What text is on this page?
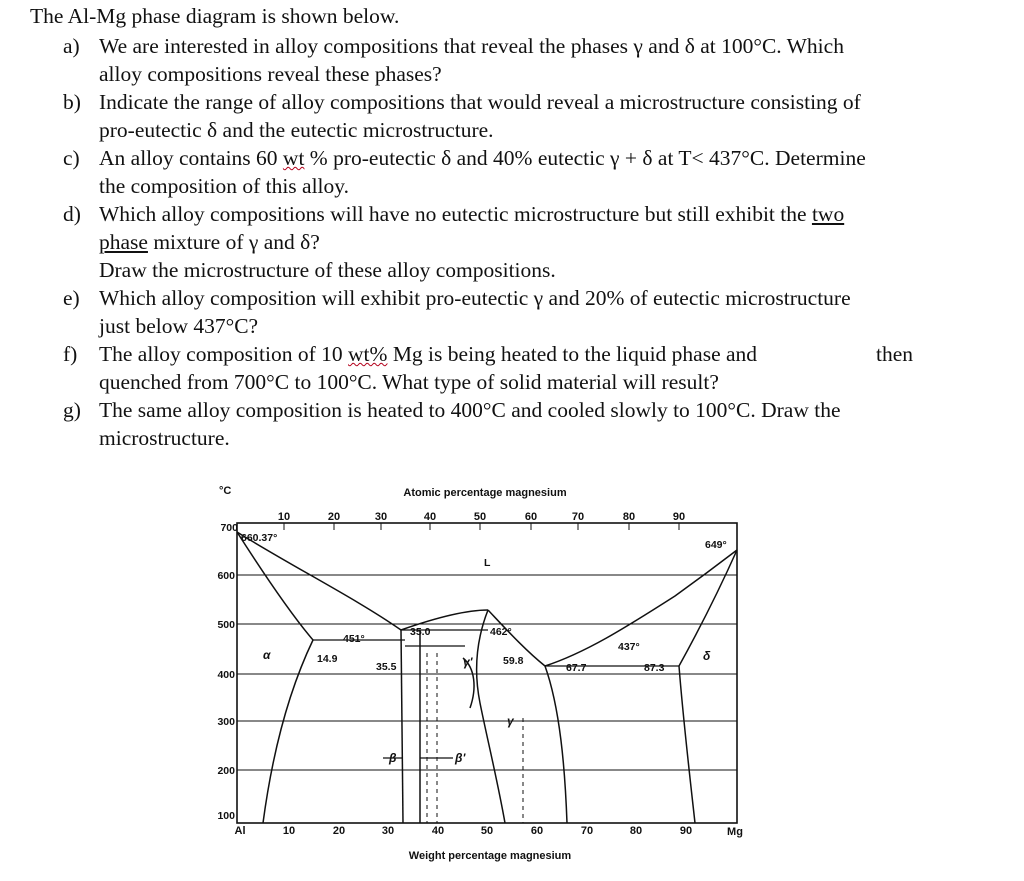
The Al-Mg phase diagram is shown below.
a) We are interested in alloy compositions that reveal the phases γ and δ at 100°C. Which
alloy compositions reveal these phases?
b) Indicate the range of alloy compositions that would reveal a microstructure consisting of
pro-eutectic δ and the eutectic microstructure.
c) An alloy contains 60 wt % pro-eutectic δ and 40% eutectic γ + δ at T< 437°C. Determine
the composition of this alloy.
d) Which alloy compositions will have no eutectic microstructure but still exhibit the two
phase mixture of γ and δ?
Draw the microstructure of these alloy compositions.
e) Which alloy composition will exhibit pro-eutectic γ and 20% of eutectic microstructure
just below 437°C?
f) The alloy composition of 10 wt% Mg is being heated to the liquid phase and	then
quenched from 700°C to 100°C. What type of solid material will result?
g) The same alloy composition is heated to 400°C and cooled slowly to 100°C. Draw the
microstructure.
700
600
500
400
300
200
100
°C	Atomic percentage magnesium
10	20	30	40	50	60	70	80	90
Al	10	20	30	40	50	60	70	80	90	Mg
Weight percentage magnesium
660.37°
649°
L
451°
462°
437°
14.9
35.0
35.5	59.8
67.7	87.3
α	δ
γ
γ'
β	β'
